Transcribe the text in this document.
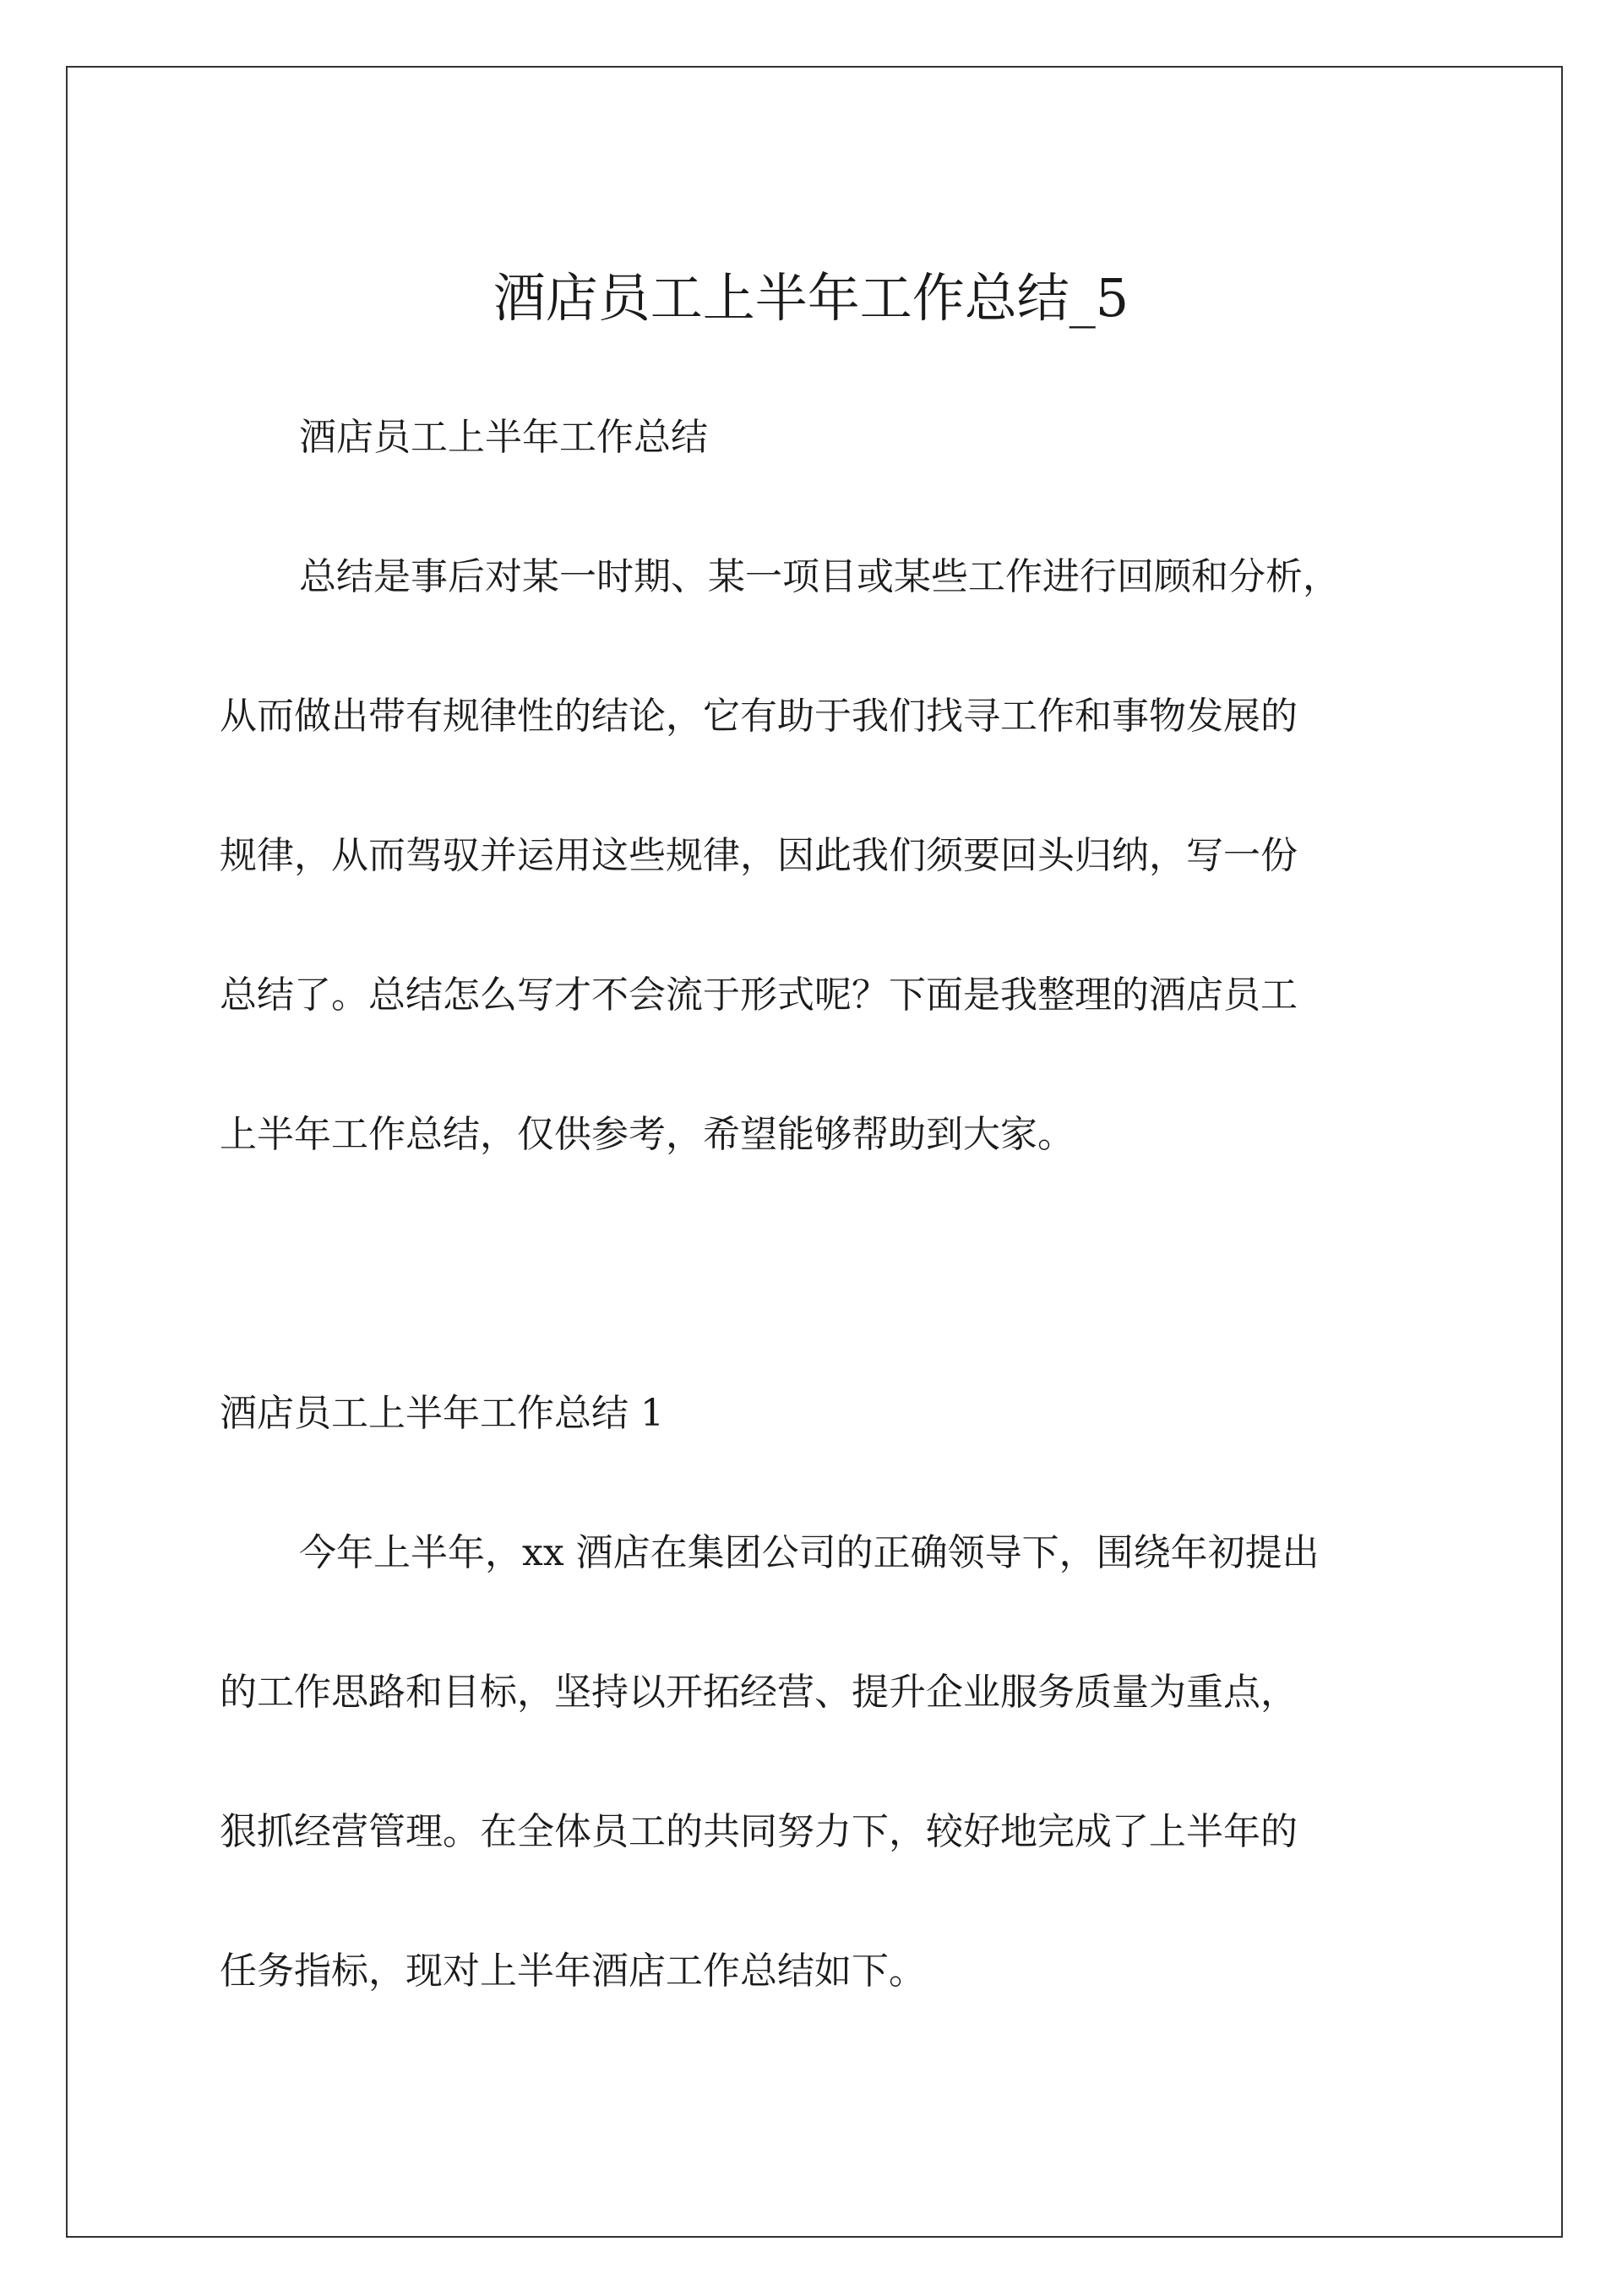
酒店员工上半年工作总结_5

酒店员工上半年工作总结

总结是事后对某一时期、某一项目或某些工作进行回顾和分析，

从而做出带有规律性的结论，它有助于我们找寻工作和事物发展的

规律，从而驾驭并运用这些规律，因此我们须要回头归纳，写一份

总结了。总结怎么写才不会流于形式呢？下面是我整理的酒店员工

上半年工作总结，仅供参考，希望能够帮助到大家。

酒店员工上半年工作总结 1

今年上半年，xx 酒店在集团公司的正确领导下，围绕年初提出

的工作思路和目标，坚持以开拓经营、提升企业服务质量为重点，

狠抓经营管理。在全体员工的共同努力下，较好地完成了上半年的

任务指标，现对上半年酒店工作总结如下。
